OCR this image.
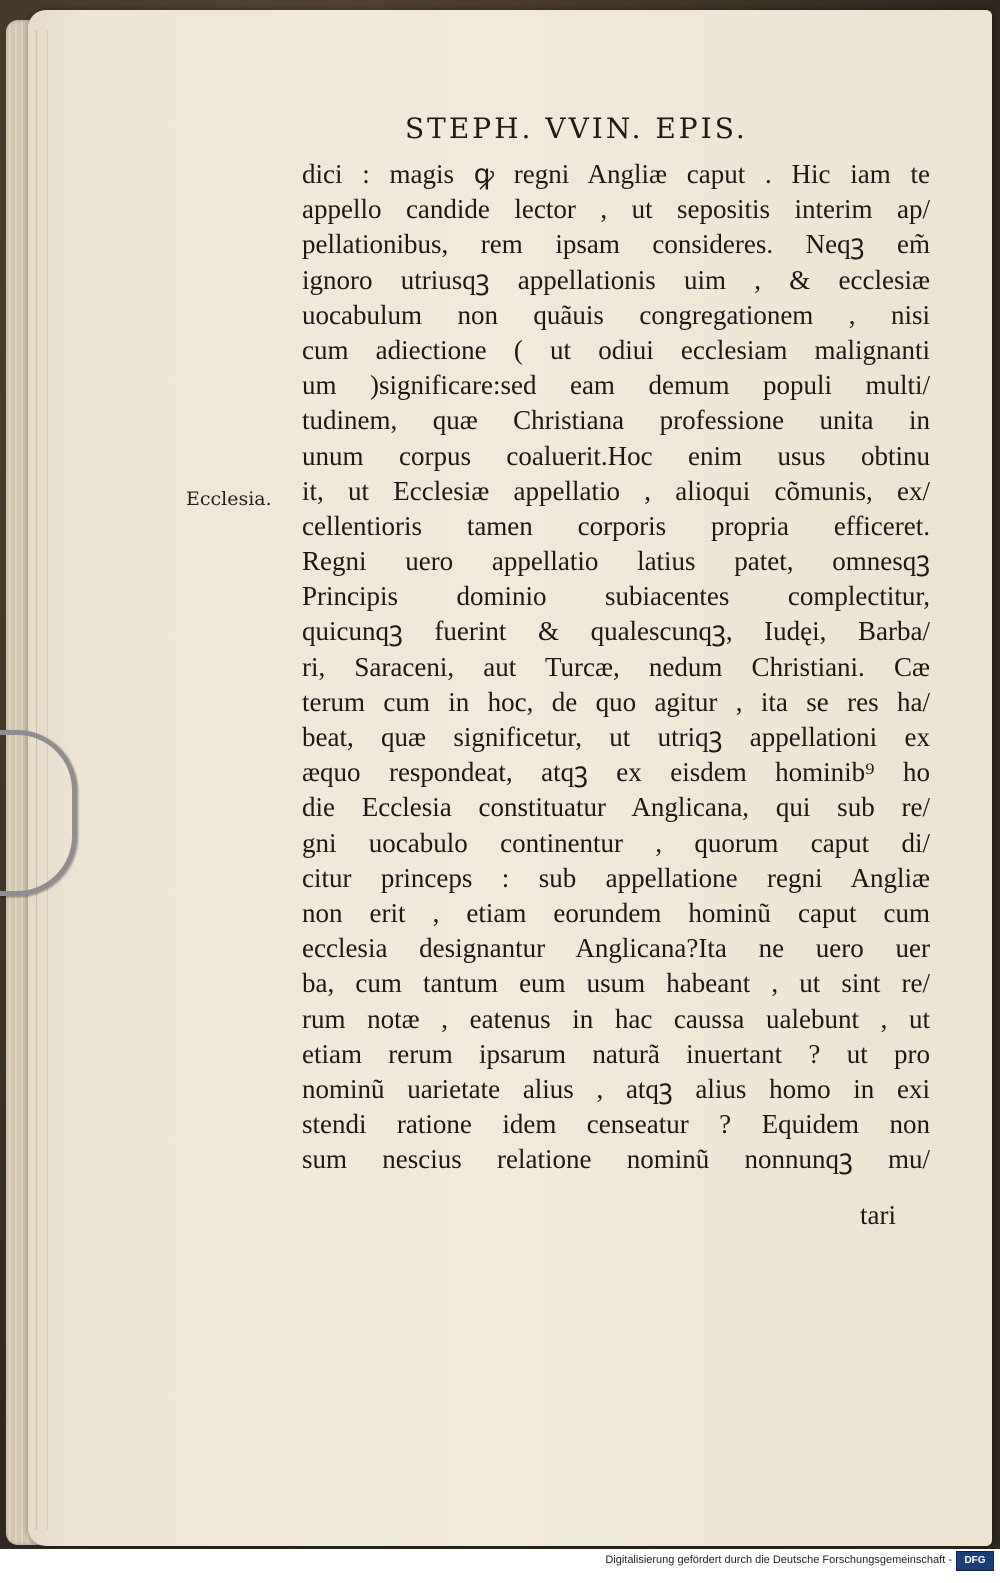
STEPH. VVIN. EPIS.
Ecclesia.
dici : magis ꝙ regni Angliæ caput . Hic iam te
appello candide lector , ut sepositis interim ap/
pellationibus, rem ipsam consideres. Neqꝫ em̃
ignoro utriusqꝫ appellationis uim , & ecclesiæ
uocabulum non quãuis congregationem , nisi
cum adiectione ( ut odiui ecclesiam malignanti
um )significare:sed eam demum populi multi/
tudinem, quæ Christiana professione unita in
unum corpus coaluerit.Hoc enim usus obtinu
it, ut Ecclesiæ appellatio , alioqui cõmunis, ex/
cellentioris tamen corporis propria efficeret.
Regni uero appellatio latius patet, omnesqꝫ
Principis dominio subiacentes complectitur,
quicunqꝫ fuerint & qualescunqꝫ, Iudęi, Barba/
ri, Saraceni, aut Turcæ, nedum Christiani. Cæ
terum cum in hoc, de quo agitur , ita se res ha/
beat, quæ significetur, ut utriqꝫ appellationi ex
æquo respondeat, atqꝫ ex eisdem hominib⁹ ho
die Ecclesia constituatur Anglicana, qui sub re/
gni uocabulo continentur , quorum caput di/
citur princeps : sub appellatione regni Angliæ
non erit , etiam eorundem hominũ caput cum
ecclesia designantur Anglicana?Ita ne uero uer
ba, cum tantum eum usum habeant , ut sint re/
rum notæ , eatenus in hac caussa ualebunt , ut
etiam rerum ipsarum naturã inuertant ? ut pro
nominũ uarietate alius , atqꝫ alius homo in exi
stendi ratione idem censeatur ? Equidem non
sum nescius relatione nominũ nonnunqꝫ mu/
tari
Digitalisierung gefördert durch die Deutsche Forschungsgemeinschaft -	DFG
